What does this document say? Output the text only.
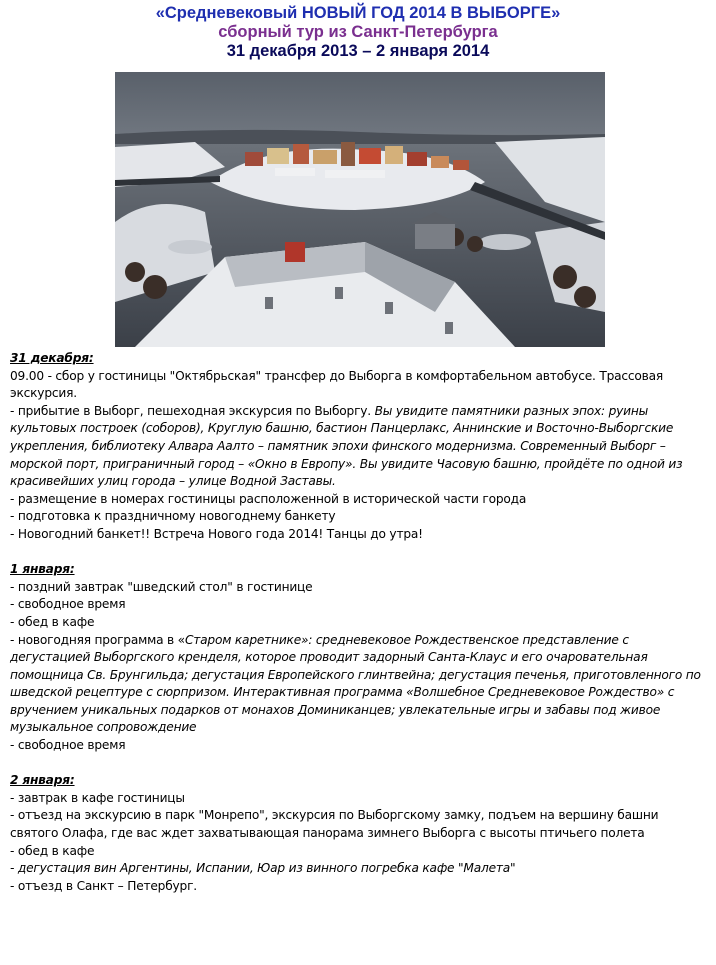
«Средневековый НОВЫЙ ГОД 2014 В ВЫБОРГЕ»
сборный тур из Санкт-Петербурга
31 декабря 2013 – 2 января 2014

31 декабря:

09.00 - сбор у гостиницы "Октябрьская" трансфер до Выборга в комфортабельном автобусе. Трассовая экскурсия.

- прибытие в Выборг, пешеходная экскурсия по Выборгу. Вы увидите памятники разных эпох: руины культовых построек (соборов), Круглую башню, бастион Панцерлакс, Аннинские и Восточно-Выборгские укрепления, библиотеку Алвара Аалто – памятник эпохи финского модернизма. Современный Выборг – морской порт, приграничный город – «Окно в Европу». Вы увидите Часовую башню, пройдёте по одной из красивейших улиц города – улице Водной Заставы.

- размещение в номерах гостиницы расположенной в исторической части города

- подготовка к праздничному новогоднему банкету

- Новогодний банкет!! Встреча Нового года 2014! Танцы до утра!

1 января:

- поздний завтрак "шведский стол" в гостинице

- свободное время

- обед в кафе

- новогодняя программа в «Старом каретнике»: средневековое Рождественское представление с дегустацией Выборгского кренделя, которое проводит задорный Санта-Клаус и его очаровательная помощница Св. Брунгильда; дегустация Европейского глинтвейна; дегустация печенья, приготовленного по шведской рецептуре с сюрпризом. Интерактивная программа «Волшебное Средневековое Рождество» с вручением уникальных подарков от монахов Доминиканцев; увлекательные игры и забавы под живое музыкальное сопровождение

- свободное время

2 января:

- завтрак в кафе гостиницы

- отъезд на экскурсию в парк "Монрепо", экскурсия по Выборгскому замку, подъем на вершину башни святого Олафа, где вас ждет захватывающая панорама зимнего Выборга с высоты птичьего полета

- обед в кафе

- дегустация вин Аргентины, Испании, Юар из винного погребка кафе "Малета"

- отъезд в Санкт – Петербург.
